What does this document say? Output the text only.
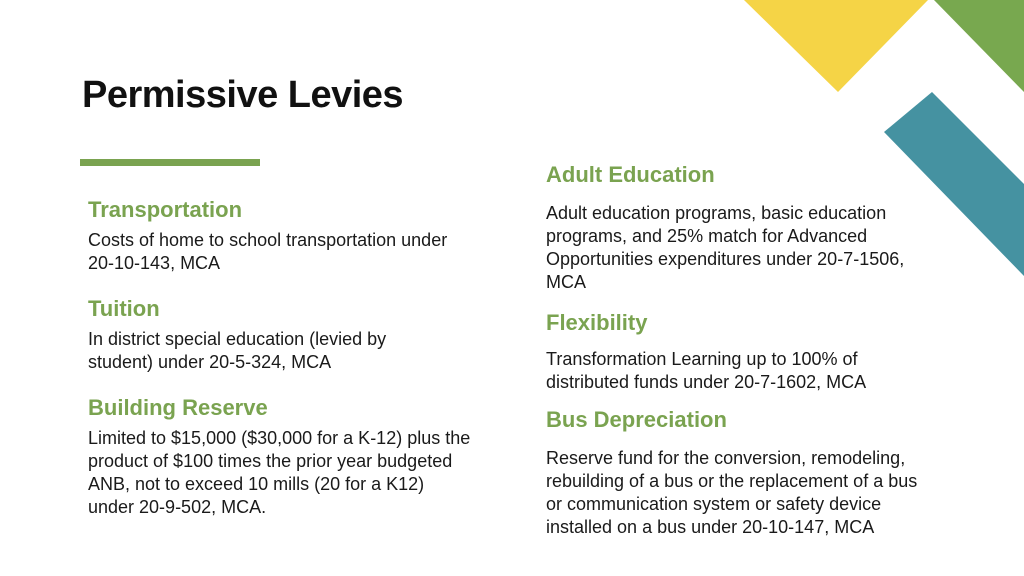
Permissive Levies
Transportation

Costs of home to school transportation under 20-10-143, MCA

Tuition

In district special education (levied by student) under 20-5-324, MCA

Building Reserve

Limited to $15,000 ($30,000 for a K-12) plus the product of $100 times the prior year budgeted ANB, not to exceed 10 mills (20 for a K12) under 20-9-502, MCA.

Adult Education

Adult education programs, basic education programs, and 25% match for Advanced Opportunities expenditures under 20-7-1506, MCA

Flexibility

Transformation Learning up to 100% of distributed funds under 20-7-1602, MCA

Bus Depreciation

Reserve fund for the conversion, remodeling, rebuilding of a bus or the replacement of a bus or communication system or safety device installed on a bus under 20-10-147, MCA
